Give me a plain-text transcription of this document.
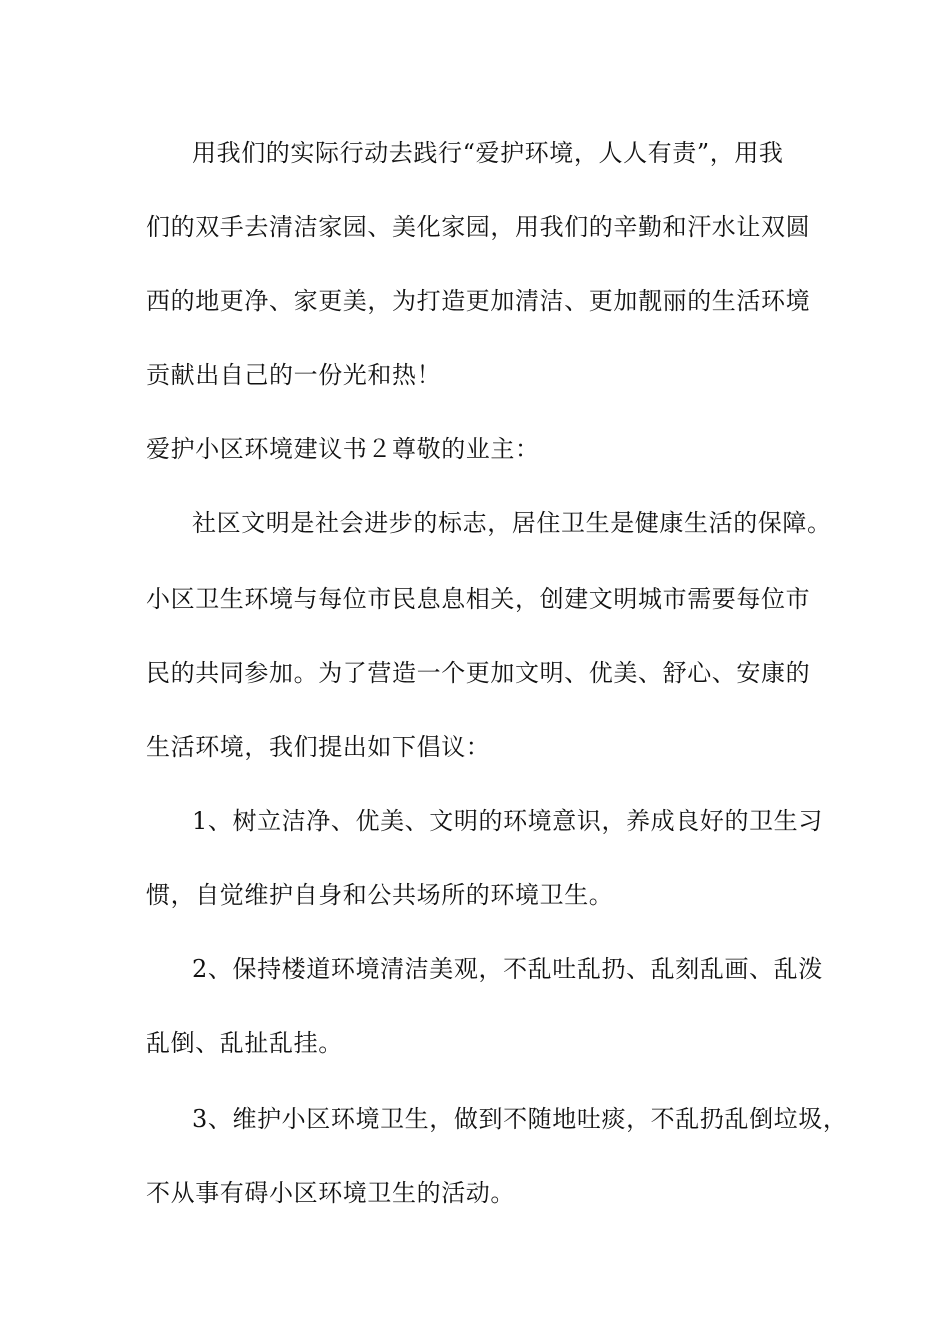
用我们的实际行动去践行“爱护环境，人人有责”，用我
们的双手去清洁家园、美化家园，用我们的辛勤和汗水让双圆
西的地更净、家更美，为打造更加清洁、更加靓丽的生活环境
贡献出自己的一份光和热！
爱护小区环境建议书２尊敬的业主：
社区文明是社会进步的标志，居住卫生是健康生活的保障。
小区卫生环境与每位市民息息相关，创建文明城市需要每位市
民的共同参加。为了营造一个更加文明、优美、舒心、安康的
生活环境，我们提出如下倡议：
1、树立洁净、优美、文明的环境意识，养成良好的卫生习
惯，自觉维护自身和公共场所的环境卫生。
2、保持楼道环境清洁美观，不乱吐乱扔、乱刻乱画、乱泼
乱倒、乱扯乱挂。
3、维护小区环境卫生，做到不随地吐痰，不乱扔乱倒垃圾，
不从事有碍小区环境卫生的活动。
